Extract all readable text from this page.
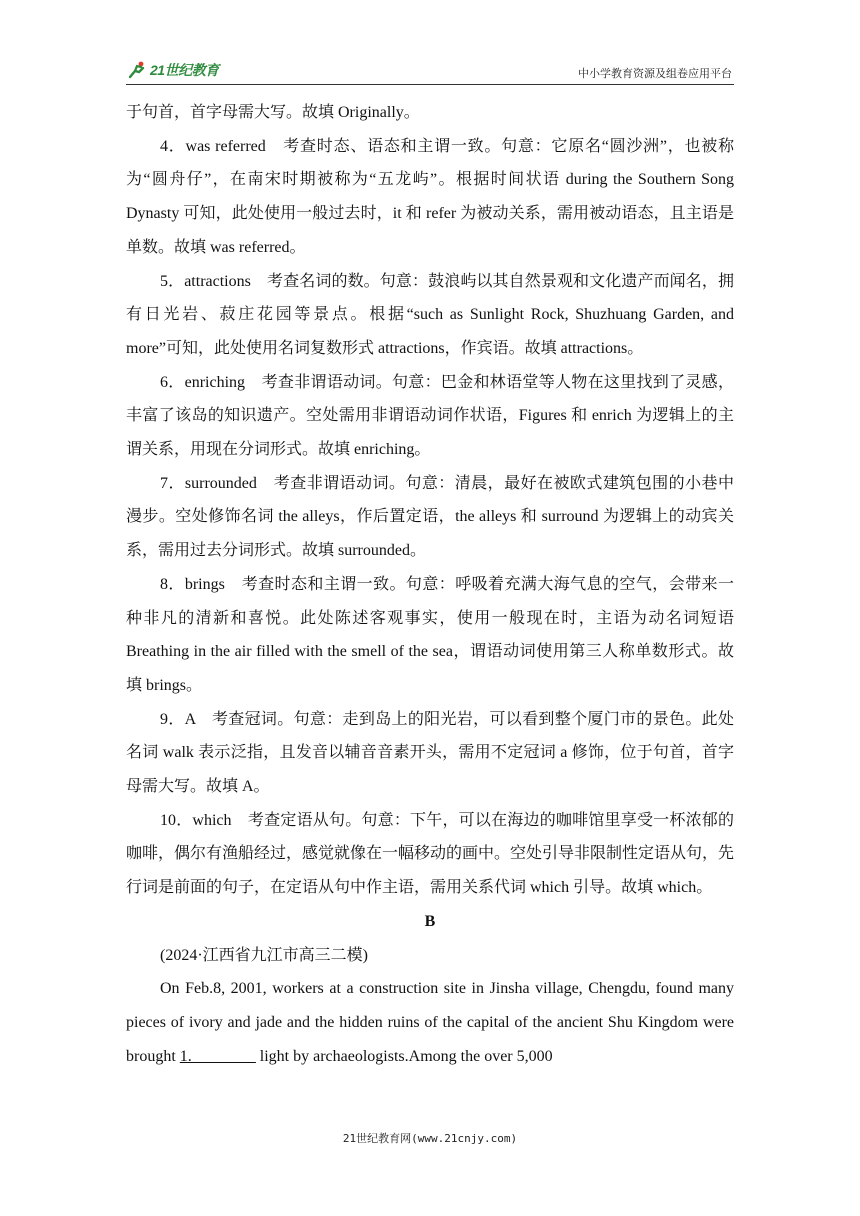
21世纪教育	中小学教育资源及组卷应用平台

于句首，首字母需大写。故填 Originally。

4．was referred　考查时态、语态和主谓一致。句意：它原名“圆沙洲”，也被称为“圆舟仔”，在南宋时期被称为“五龙屿”。根据时间状语 during the Southern Song Dynasty 可知，此处使用一般过去时，it 和 refer 为被动关系，需用被动语态，且主语是单数。故填 was referred。

5．attractions　考查名词的数。句意：鼓浪屿以其自然景观和文化遗产而闻名，拥有日光岩、菽庄花园等景点。根据“such as Sunlight Rock, Shuzhuang Garden, and more”可知，此处使用名词复数形式 attractions，作宾语。故填 attractions。

6．enriching　考查非谓语动词。句意：巴金和林语堂等人物在这里找到了灵感，丰富了该岛的知识遗产。空处需用非谓语动词作状语，Figures 和 enrich 为逻辑上的主谓关系，用现在分词形式。故填 enriching。

7．surrounded　考查非谓语动词。句意：清晨，最好在被欧式建筑包围的小巷中漫步。空处修饰名词 the alleys，作后置定语，the alleys 和 surround 为逻辑上的动宾关系，需用过去分词形式。故填 surrounded。

8．brings　考查时态和主谓一致。句意：呼吸着充满大海气息的空气，会带来一种非凡的清新和喜悦。此处陈述客观事实，使用一般现在时，主语为动名词短语 Breathing in the air filled with the smell of the sea，谓语动词使用第三人称单数形式。故填 brings。

9．A　考查冠词。句意：走到岛上的阳光岩，可以看到整个厦门市的景色。此处名词 walk 表示泛指，且发音以辅音音素开头，需用不定冠词 a 修饰，位于句首，首字母需大写。故填 A。

10．which　考查定语从句。句意：下午，可以在海边的咖啡馆里享受一杯浓郁的咖啡，偶尔有渔船经过，感觉就像在一幅移动的画中。空处引导非限制性定语从句，先行词是前面的句子，在定语从句中作主语，需用关系代词 which 引导。故填 which。

B

(2024·江西省九江市高三二模)

On Feb.8, 2001, workers at a construction site in Jinsha village, Chengdu, found many pieces of ivory and jade and the hidden ruins of the capital of the ancient Shu Kingdom were brought 1.________ light by archaeologists.Among the over 5,000

21世纪教育网(www.21cnjy.com)
